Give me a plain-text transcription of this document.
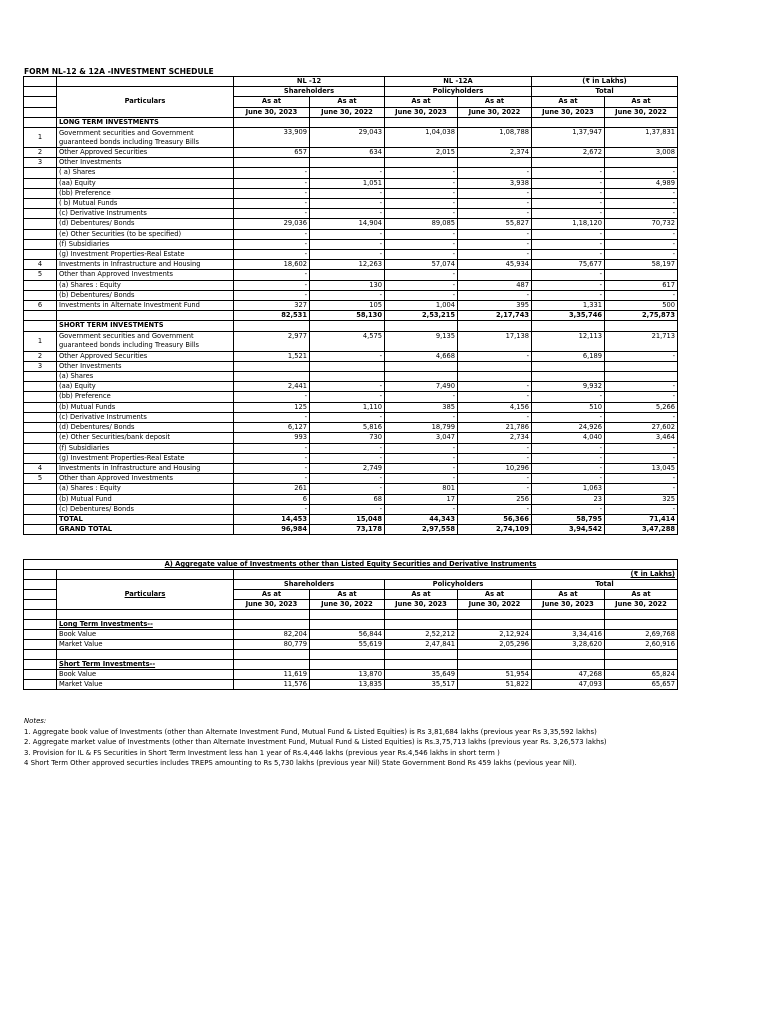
FORM NL-12 & 12A -INVESTMENT SCHEDULE
		NL -12		NL -12A		(₹ in Lakhs)	
	Particulars	Shareholders		Policyholders		Total	
		As at	As at	As at	As at	As at	As at
		June 30, 2023	June 30, 2022	June 30, 2023	June 30, 2022	June 30, 2023	June 30, 2022
	LONG TERM INVESTMENTS						
1	Government securities and Government guaranteed bonds including Treasury Bills	33,909	29,043	1,04,038	1,08,788	1,37,947	1,37,831
2	Other Approved Securities	657	634	2,015	2,374	2,672	3,008
3	Other Investments						
	( a) Shares	-	-	-	-	-	-
	(aa) Equity	-	1,051	-	3,938	-	4,989
	(bb) Preference	-	-	-	-	-	-
	( b) Mutual Funds	-	-	-	-	-	-
	(c) Derivative Instruments	-	-	-	-	-	-
	(d) Debentures/ Bonds	29,036	14,904	89,085	55,827	1,18,120	70,732
	(e) Other Securities (to be specified)	-	-	-	-	-	-
	(f) Subsidiaries	-	-	-	-	-	-
	(g) Investment Properties-Real Estate	-	-	-	-	-	-
4	Investments in Infrastructure and Housing	18,602	12,263	57,074	45,934	75,677	58,197
5	Other than Approved Investments	-		-		-	
	(a) Shares : Equity	-	130	-	487	-	617
	(b) Debentures/ Bonds	-	-	-	-	-	-
6	Investments in Alternate Investment Fund	327	105	1,004	395	1,331	500
		82,531	58,130	2,53,215	2,17,743	3,35,746	2,75,873
	SHORT TERM INVESTMENTS						
1	Government securities and Government guaranteed bonds including Treasury Bills	2,977	4,575	9,135	17,138	12,113	21,713
2	Other Approved Securities	1,521	-	4,668	-	6,189	-
3	Other Investments						
	(a) Shares						
	(aa) Equity	2,441	-	7,490	-	9,932	-
	(bb) Preference	-	-	-	-	-	-
	(b) Mutual Funds	125	1,110	385	4,156	510	5,266
	(c) Derivative Instruments	-	-	-	-	-	-
	(d) Debentures/ Bonds	6,127	5,816	18,799	21,786	24,926	27,602
	(e) Other Securities/bank deposit	993	730	3,047	2,734	4,040	3,464
	(f) Subsidiaries	-	-	-	-	-	-
	(g) Investment Properties-Real Estate	-	-	-	-	-	-
4	Investments in Infrastructure and Housing	-	2,749	-	10,296	-	13,045
5	Other than Approved Investments	-	-	-	-	-	-
	(a) Shares : Equity	261	-	801	-	1,063	-
	(b) Mutual Fund	6	68	17	256	23	325
	(c) Debentures/ Bonds	-	-	-	-	-	-
	TOTAL	14,453	15,048	44,343	56,366	58,795	71,414
	GRAND TOTAL	96,984	73,178	2,97,558	2,74,109	3,94,542	3,47,288
A) Aggregate value of Investments other than Listed Equity Securities and Derivative Instruments							
		(₹ in Lakhs)					
	Particulars	Shareholders		Policyholders		Total	
		As at	As at	As at	As at	As at	As at
		June 30, 2023	June 30, 2022	June 30, 2023	June 30, 2022	June 30, 2023	June 30, 2022

	Long Term Investments--						
	Book Value	82,204	56,844	2,52,212	2,12,924	3,34,416	2,69,768
	Market Value	80,779	55,619	2,47,841	2,05,296	3,28,620	2,60,916

	Short Term Investments--						
	Book Value	11,619	13,870	35,649	51,954	47,268	65,824
	Market Value	11,576	13,835	35,517	51,822	47,093	65,657
Notes:
1. Aggregate book value of Investments (other than Alternate Investment Fund, Mutual Fund & Listed Equities) is Rs 3,81,684 lakhs (previous year Rs 3,35,592 lakhs)
2. Aggregate market value of Investments (other than Alternate Investment Fund, Mutual Fund & Listed Equities) is Rs.3,75,713 lakhs (previous year Rs. 3,26,573 lakhs)
3. Provision for IL & FS Securities in Short Term Investment less han 1 year of Rs.4,446 lakhs (previous year Rs.4,546 lakhs in short term )
4 Short Term Other approved securties includes TREPS amounting to Rs 5,730 lakhs (previous year Nil) State Government Bond Rs 459 lakhs (pevious year Nil).
